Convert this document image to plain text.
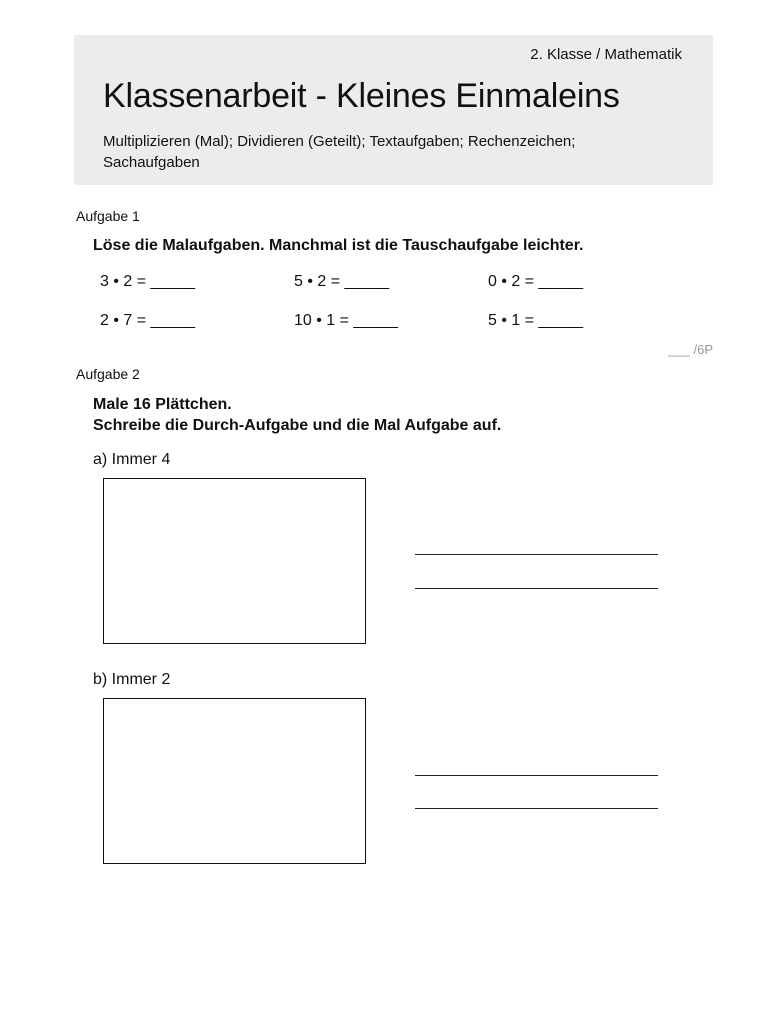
2. Klasse / Mathematik
Klassenarbeit - Kleines Einmaleins
Multiplizieren (Mal); Dividieren (Geteilt); Textaufgaben; Rechenzeichen; Sachaufgaben
Aufgabe 1
Löse die Malaufgaben. Manchmal ist die Tauschaufgabe leichter.
3 • 2 = _____	5 • 2 = _____	0 • 2 = _____
2 • 7 = _____	10 • 1 = _____	5 • 1 = _____
___ /6P
Aufgabe 2
Male 16 Plättchen.
Schreibe die Durch-Aufgabe und die Mal Aufgabe auf.
a) Immer 4
b) Immer 2
